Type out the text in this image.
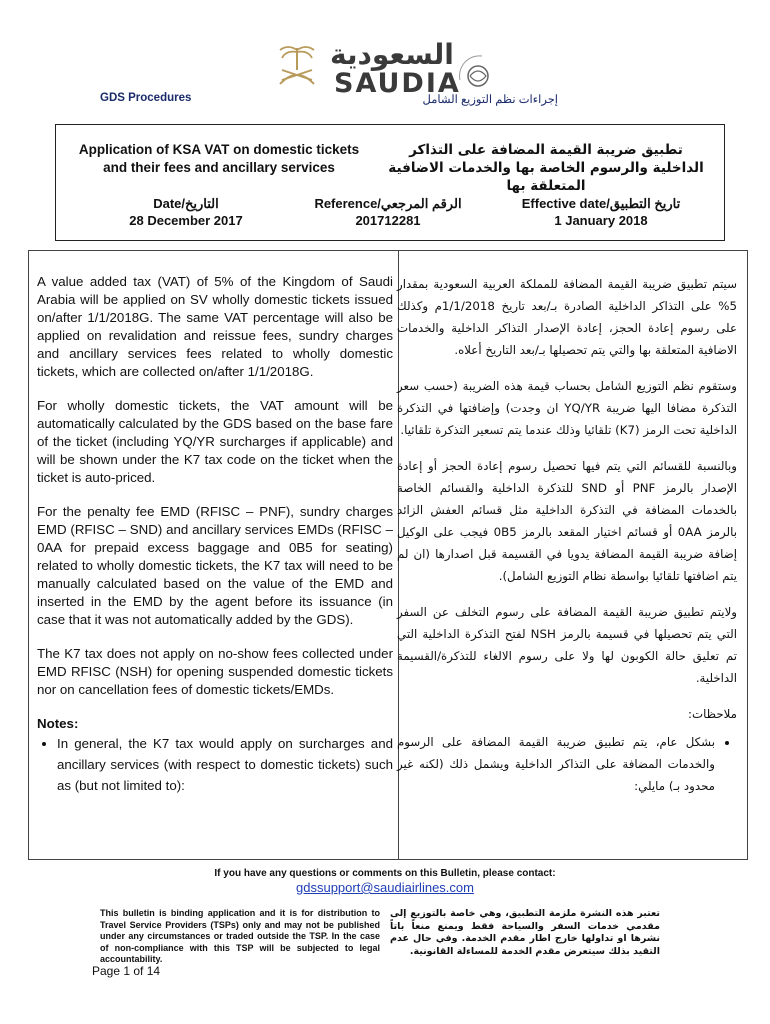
السعودية
SAUDIA
GDS Procedures	إجراءات نظم التوزيع الشامل
Application of KSA VAT on domestic tickets and their fees and ancillary services
تطبيق ضريبة القيمة المضافة على التذاكر الداخلية والرسوم الخاصة بها والخدمات الاضافية المتعلقة بها
Date/التاريخ
28 December 2017
Reference/الرقم المرجعي
201712281
Effective date/تاريخ التطبيق
1 January 2018

A value added tax (VAT) of 5% of the Kingdom of Saudi Arabia will be applied on SV wholly domestic tickets issued on/after 1/1/2018G. The same VAT percentage will also be applied on revalidation and reissue fees, sundry charges and ancillary services fees related to wholly domestic tickets, which are collected on/after 1/1/2018G.

For wholly domestic tickets, the VAT amount will be automatically calculated by the GDS based on the base fare of the ticket (including YQ/YR surcharges if applicable) and will be shown under the K7 tax code on the ticket when the ticket is auto-priced.

For the penalty fee EMD (RFISC – PNF), sundry charges EMD (RFISC – SND) and ancillary services EMDs (RFISC – 0AA for prepaid excess baggage and 0B5 for seating) related to wholly domestic tickets, the K7 tax will need to be manually calculated based on the value of the EMD and inserted in the EMD by the agent before its issuance (in case that it was not automatically added by the GDS).

The K7 tax does not apply on no-show fees collected under EMD RFISC (NSH) for opening suspended domestic tickets nor on cancellation fees of domestic tickets/EMDs.

Notes:
• In general, the K7 tax would apply on surcharges and ancillary services (with respect to domestic tickets) such as (but not limited to):

سيتم تطبيق ضريبة القيمة المضافة للمملكة العربية السعودية بمقدار 5% على التذاكر الداخلية الصادرة بـ/بعد تاريخ 1/1/2018م وكذلك على رسوم إعادة الحجز، إعادة الإصدار التذاكر الداخلية والخدمات الاضافية المتعلقة بها والتي يتم تحصيلها بـ/بعد التاريخ أعلاه.

وستقوم نظم التوزيع الشامل بحساب قيمة هذه الضريبة (حسب سعر التذكرة مضافا اليها ضريبة YQ/YR ان وجدت) وإضافتها في التذكرة الداخلية تحت الرمز (K7) تلقائيا وذلك عندما يتم تسعير التذكرة تلقائيا.

وبالنسبة للقسائم التي يتم فيها تحصيل رسوم إعادة الحجز أو إعادة الإصدار بالرمز PNF أو SND للتذكرة الداخلية والقسائم الخاصة بالخدمات المضافة في التذكرة الداخلية مثل قسائم العفش الزائد بالرمز 0AA أو قسائم اختيار المقعد بالرمز 0B5 فيجب على الوكيل إضافة ضريبة القيمة المضافة يدويا في القسيمة قبل اصدارها (ان لم يتم اضافتها تلقائيا بواسطة نظام التوزيع الشامل).

ولايتم تطبيق ضريبة القيمة المضافة على رسوم التخلف عن السفر التي يتم تحصيلها في قسيمة بالرمز NSH لفتح التذكرة الداخلية التي تم تعليق حالة الكوبون لها ولا على رسوم الالغاء للتذكرة/القسيمة الداخلية.

ملاحظات:

• بشكل عام، يتم تطبيق ضريبة القيمة المضافة على الرسوم والخدمات المضافة على التذاكر الداخلية ويشمل ذلك (لكنه غير محدود بـ) مايلي:
If you have any questions or comments on this Bulletin, please contact:
gdssupport@saudiairlines.com
This bulletin is binding application and it is for distribution to Travel Service Providers (TSPs) only and may not be published under any circumstances or traded outside the TSP. In the case of non-compliance with this TSP will be subjected to legal accountability.
تعتبر هذه النشرة ملزمة التطبيق، وهي خاصة بالتوزيع إلى مقدمي خدمات السفر والسياحة فقط ويمنع منعاً باتاً نشرها او تداولها خارج اطار مقدم الخدمة. وفي حال عدم التقيد بذلك سيتعرض مقدم الخدمة للمساءلة القانونية.
Page 1 of 14
